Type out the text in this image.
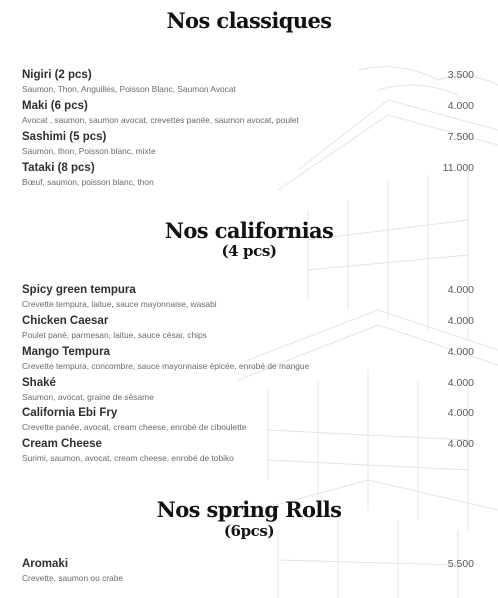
Nos classiques
Nigiri (2 pcs)
Saumon, Thon, Anguilles, Poisson Blanc, Saumon Avocat
3.500
Maki (6 pcs)
Avocat , saumon, saumon avocat, crevettes panée, saumon avocat, poulet
4.000
Sashimi (5 pcs)
Saumon, thon, Poisson blanc, mixte
7.500
Tataki (8 pcs)
Bœuf, saumon, poisson blanc, thon
11.000
Nos californias
(4 pcs)
Spicy green tempura
Crevette tempura, laitue, sauce mayonnaise, wasabi
4.000
Chicken Caesar
Poulet pané, parmesan, laitue, sauce césar, chips
4.000
Mango Tempura
Crevette tempura, concombre, sauce mayonnaise épicée, enrobé de mangue
4.000
Shaké
Saumon, avocat, graine de sésame
4.000
California Ebi Fry
Crevette panée, avocat, cream cheese, enrobé de ciboulette
4.000
Cream Cheese
Surimi, saumon, avocat, cream cheese, enrobé de tobiko
4.000
Nos spring Rolls
(6pcs)
Aromaki
Crevette, saumon ou crabe
5.500
